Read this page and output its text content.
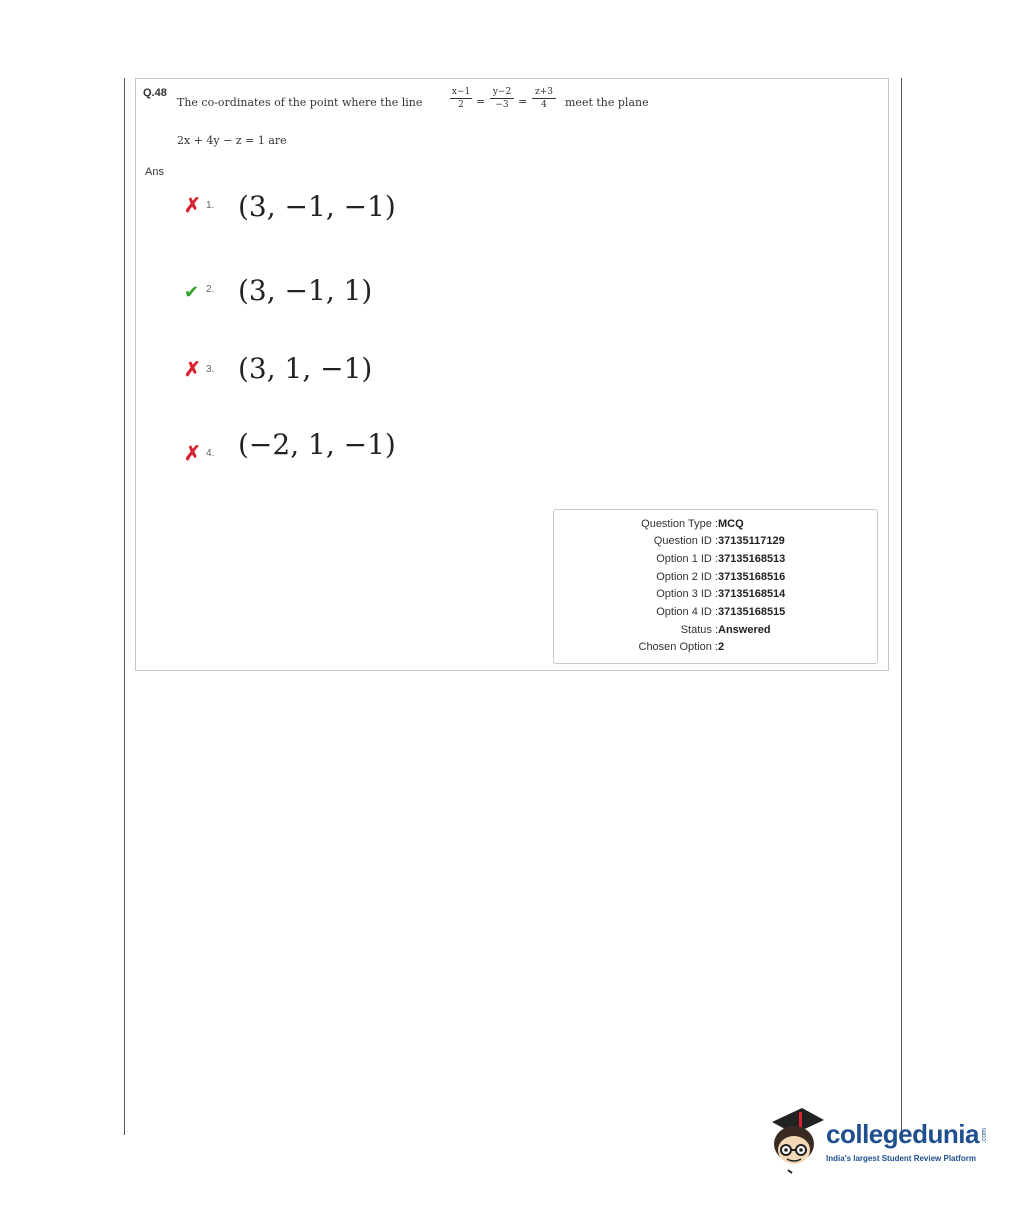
Q.48
The co-ordinates of the point where the line	$\frac{x-1}{2} = \frac{y-2}{-3} = \frac{z+3}{4}$ meet the plane
2x + 4y − z = 1 are
Ans
✗ 1. (3, −1, −1)
✔ 2. (3, −1, 1)
✗ 3. (3, 1, −1)
✗ 4. (−2, 1, −1)
Question Type : MCQ
Question ID : 37135117129
Option 1 ID : 37135168513
Option 2 ID : 37135168516
Option 3 ID : 37135168514
Option 4 ID : 37135168515
Status : Answered
Chosen Option : 2
collegedunia .com
India's largest Student Review Platform
